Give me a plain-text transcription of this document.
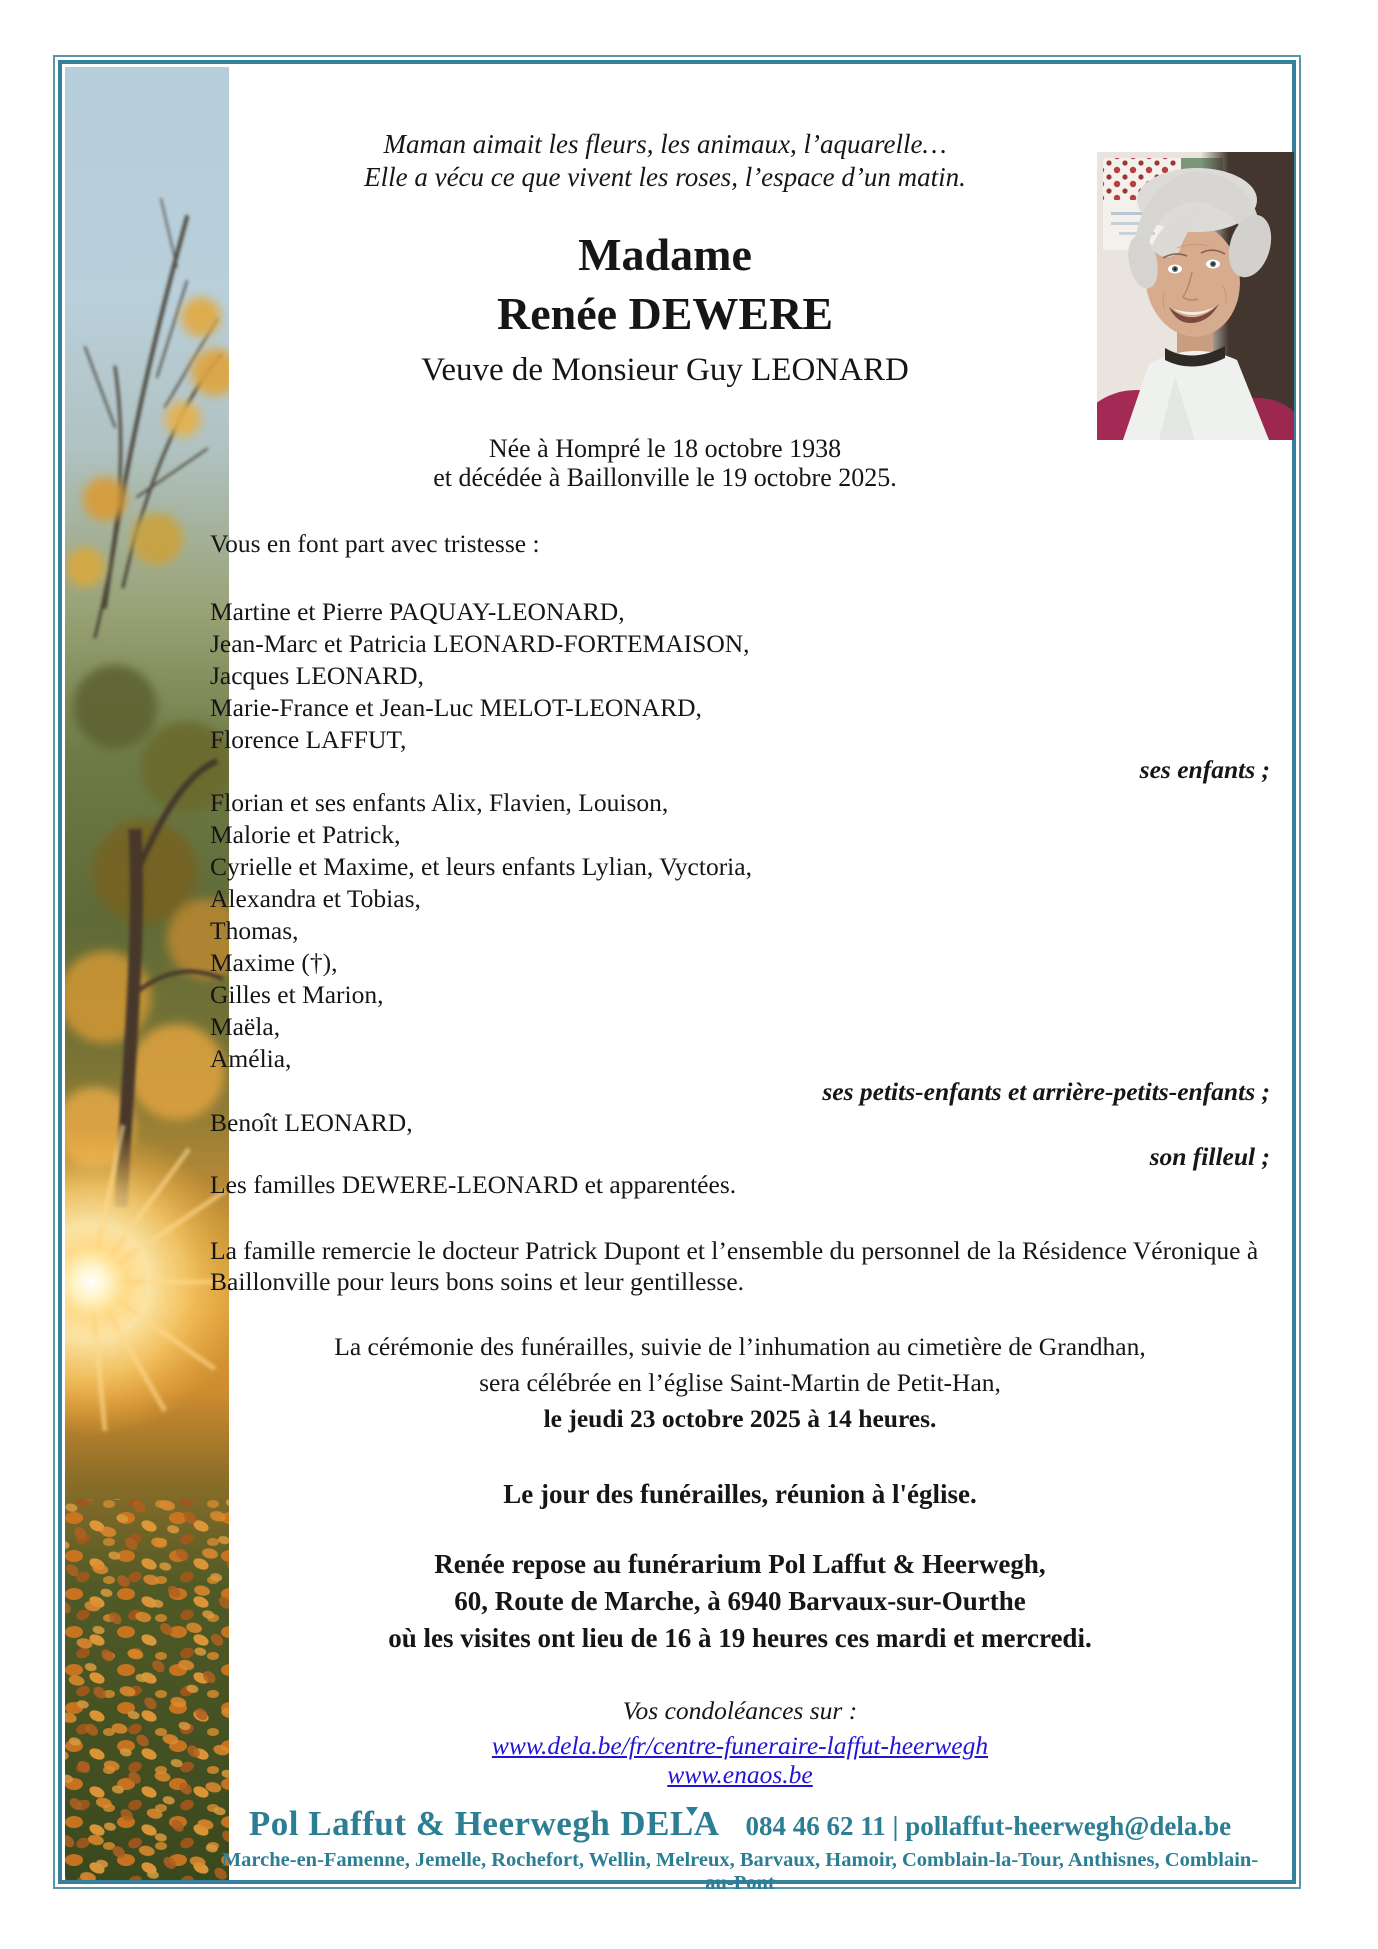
Maman aimait les fleurs, les animaux, l’aquarelle…
Elle a vécu ce que vivent les roses, l’espace d’un matin.
Madame
Renée DEWERE
Veuve de Monsieur Guy LEONARD
Née à Hompré le 18 octobre 1938
et décédée à Baillonville le 19 octobre 2025.
Vous en font part avec tristesse :
Martine et Pierre PAQUAY-LEONARD,
Jean-Marc et Patricia LEONARD-FORTEMAISON,
Jacques LEONARD,
Marie-France et Jean-Luc MELOT-LEONARD,
Florence LAFFUT,
ses enfants ;
Florian et ses enfants Alix, Flavien, Louison,
Malorie et Patrick,
Cyrielle et Maxime, et leurs enfants Lylian, Vyctoria,
Alexandra et Tobias,
Thomas,
Maxime (†),
Gilles et Marion,
Maëla,
Amélia,
ses petits-enfants et arrière-petits-enfants ;
Benoît LEONARD,
son filleul ;
Les familles DEWERE-LEONARD et apparentées.
La famille remercie le docteur Patrick Dupont et l’ensemble du personnel de la Résidence Véronique à Baillonville pour leurs bons soins et leur gentillesse.
La cérémonie des funérailles, suivie de l’inhumation au cimetière de Grandhan,
sera célébrée en l’église Saint-Martin de Petit-Han,
le jeudi 23 octobre 2025 à 14 heures.
Le jour des funérailles, réunion à l'église.
Renée repose au funérarium Pol Laffut & Heerwegh,
60, Route de Marche, à 6940 Barvaux-sur-Ourthe
où les visites ont lieu de 16 à 19 heures ces mardi et mercredi.
Vos condoléances sur :
www.dela.be/fr/centre-funeraire-laffut-heerwegh
www.enaos.be
Pol Laffut & Heerwegh DELA 084 46 62 11 | pollaffut-heerwegh@dela.be
Marche-en-Famenne, Jemelle, Rochefort, Wellin, Melreux, Barvaux, Hamoir, Comblain-la-Tour, Anthisnes, Comblain-au-Pont
